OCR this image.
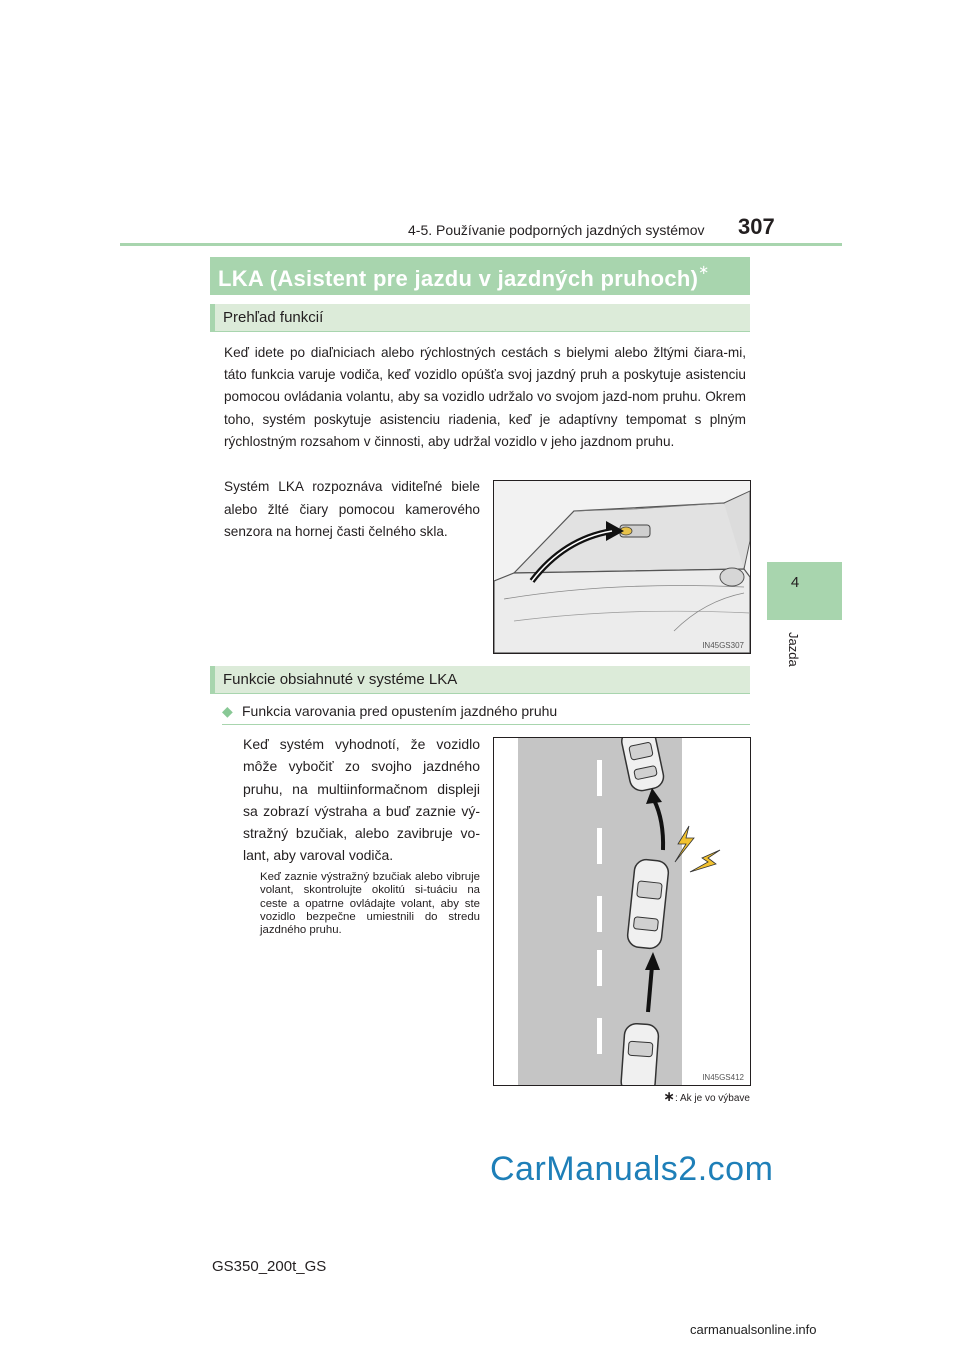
4-5. Používanie podporných jazdných systémov 307
4
Jazda
LKA (Asistent pre jazdu v jazdných pruhoch)∗
Prehľad funkcií
Keď idete po diaľniciach alebo rýchlostných cestách s bielymi alebo žltými čiara-mi, táto funkcia varuje vodiča, keď vozidlo opúšťa svoj jazdný pruh a poskytuje asistenciu pomocou ovládania volantu, aby sa vozidlo udržalo vo svojom jazd-nom pruhu. Okrem toho, systém poskytuje asistenciu riadenia, keď je adaptívny tempomat s plným rýchlostným rozsahom v činnosti, aby udržal vozidlo v jeho jazdnom pruhu.
Systém LKA rozpoznáva viditeľné biele alebo žlté čiary pomocou kamerového senzora na hornej časti čelného skla.
IN45GS307
Funkcie obsiahnuté v systéme LKA
◆ Funkcia varovania pred opustením jazdného pruhu
Keď systém vyhodnotí, že vozidlo môže vybočiť zo svojho jazdného pruhu, na multiinformačnom displeji sa zobrazí výstraha a buď zaznie vý-stražný bzučiak, alebo zavibruje vo-lant, aby varoval vodiča.
Keď zaznie výstražný bzučiak alebo vibruje volant, skontrolujte okolitú si-tuáciu na ceste a opatrne ovládajte volant, aby ste vozidlo bezpečne umiestnili do stredu jazdného pruhu.
IN45GS412
∗: Ak je vo výbave
CarManuals2.com
GS350_200t_GS
carmanualsonline.info
